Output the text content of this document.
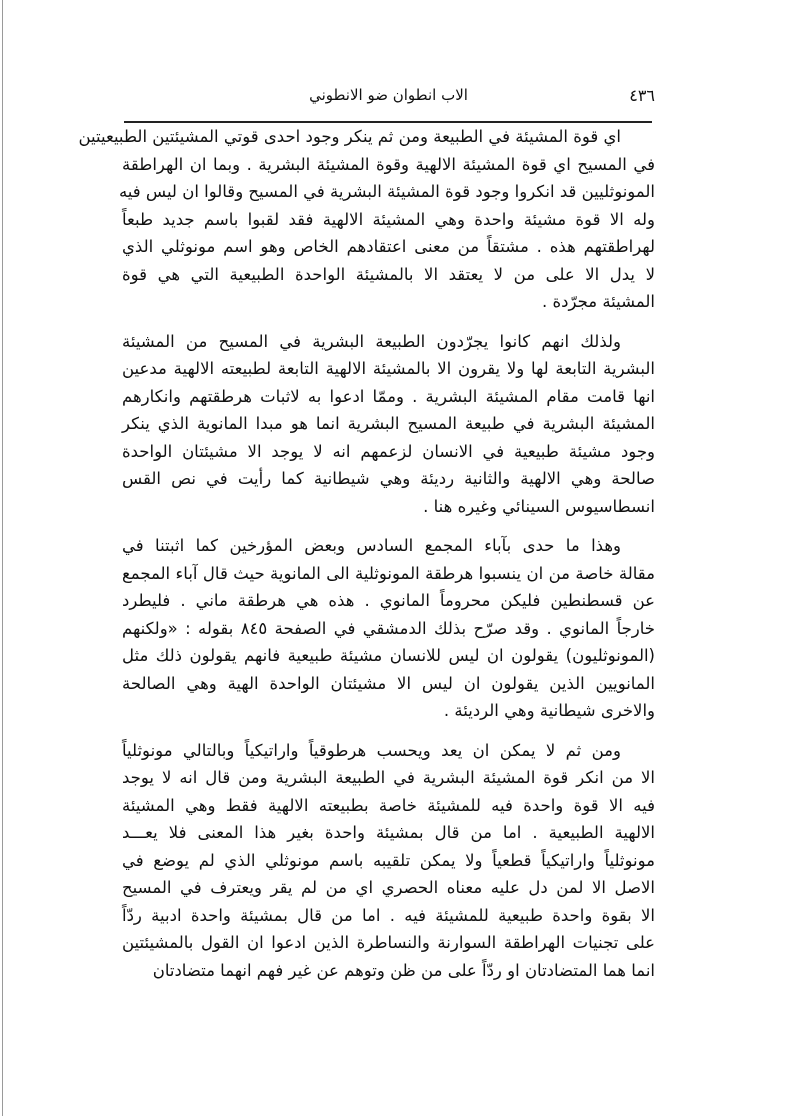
٤٣٦
الاب انطوان ضو الانطوني
اي قوة المشيئة في الطبيعة ومن ثم ينكر وجود احدى قوتي المشيئتين الطبيعيتين
في المسيح اي قوة المشيئة الالهية وقوة المشيئة البشرية . وبما ان الهراطقة
المونوثليين قد انكروا وجود قوة المشيئة البشرية في المسيح وقالوا ان ليس فيه
وله الا قوة مشيئة واحدة وهي المشيئة الالهية فقد لقبوا باسم جديد طبعاً
لهراطقتهم هذه . مشتقاً من معنى اعتقادهم الخاص وهو اسم مونوثلي الذي
لا يدل الا على من لا يعتقد الا بالمشيئة الواحدة الطبيعية التي هي قوة
المشيئة مجرّدة .
ولذلك انهم كانوا يجرّدون الطبيعة البشرية في المسيح من المشيئة
البشرية التابعة لها ولا يقرون الا بالمشيئة الالهية التابعة لطبيعته الالهية مدعين
انها قامت مقام المشيئة البشرية . وممّا ادعوا به لاثبات هرطقتهم وانكارهم
المشيئة البشرية في طبيعة المسيح البشرية انما هو مبدا المانوية الذي ينكر
وجود مشيئة طبيعية في الانسان لزعمهم انه لا يوجد الا مشيئتان الواحدة
صالحة وهي الالهية والثانية رديئة وهي شيطانية كما رأيت في نص القس
انسطاسيوس السينائي وغيره هنا .
وهذا ما حدى بآباء المجمع السادس وبعض المؤرخين كما اثبتنا في
مقالة خاصة من ان ينسبوا هرطقة المونوثلية الى المانوية حيث قال آباء المجمع
عن قسطنطين فليكن محروماً المانوي . هذه هي هرطقة ماني . فليطرد
خارجاً المانوي . وقد صرّح بذلك الدمشقي في الصفحة ٨٤٥ بقوله : «ولكنهم
(المونوثليون) يقولون ان ليس للانسان مشيئة طبيعية فانهم يقولون ذلك مثل
المانويين الذين يقولون ان ليس الا مشيئتان الواحدة الهية وهي الصالحة
والاخرى شيطانية وهي الرديئة .
ومن ثم لا يمكن ان يعد ويحسب هرطوقياً واراتيكياً وبالتالي مونوثلياً
الا من انكر قوة المشيئة البشرية في الطبيعة البشرية ومن قال انه لا يوجد
فيه الا قوة واحدة فيه للمشيئة خاصة بطبيعته الالهية فقط وهي المشيئة
الالهية الطبيعية . اما من قال بمشيئة واحدة بغير هذا المعنى فلا يعـــد
مونوثلياً واراتيكياً قطعياً ولا يمكن تلقيبه باسم مونوثلي الذي لم يوضع في
الاصل الا لمن دل عليه معناه الحصري اي من لم يقر ويعترف في المسيح
الا بقوة واحدة طبيعية للمشيئة فيه . اما من قال بمشيئة واحدة ادبية ردّاً
على تجنيات الهراطقة السوارنة والنساطرة الذين ادعوا ان القول بالمشيئتين
انما هما المتضادتان او ردّاً على من ظن وتوهم عن غير فهم انهما متضادتان
